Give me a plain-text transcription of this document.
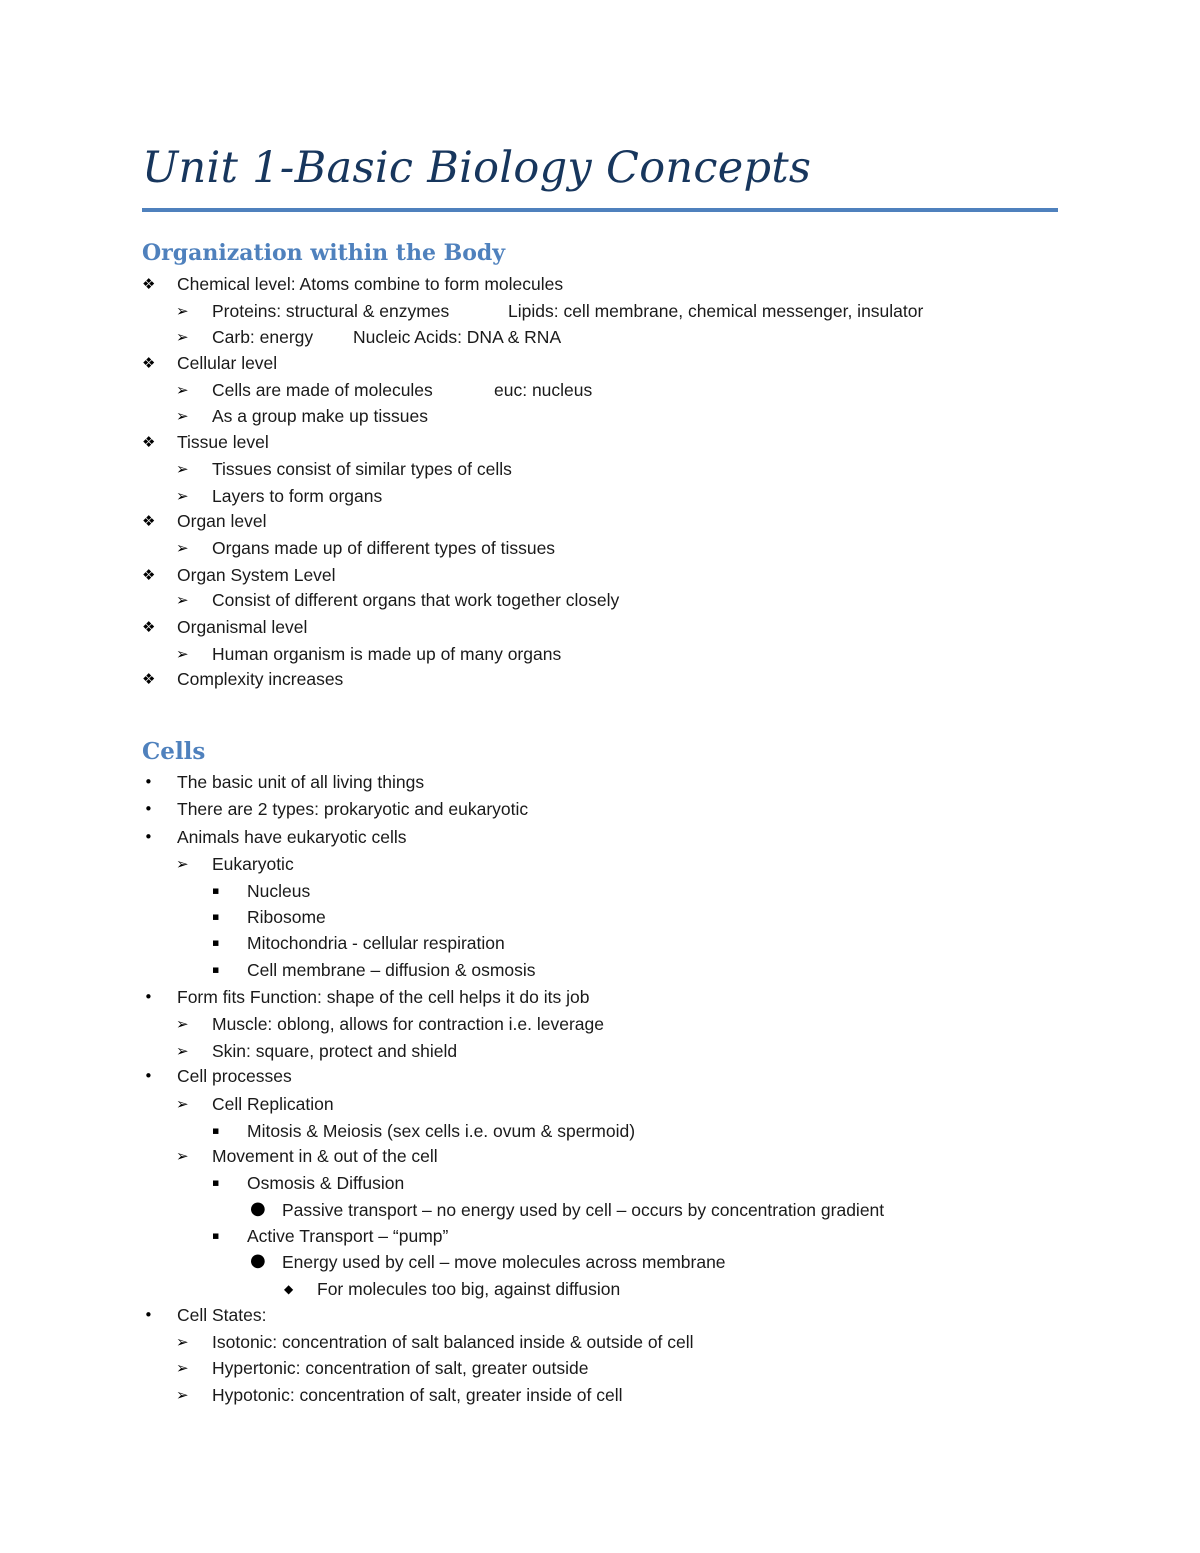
Unit 1-Basic Biology Concepts
Organization within the Body
❖ Chemical level: Atoms combine to form molecules
➢ Proteins: structural & enzymes	Lipids: cell membrane, chemical messenger, insulator
➢ Carb: energy Nucleic Acids: DNA & RNA
❖ Cellular level
➢ Cells are made of molecules	euc: nucleus
➢ As a group make up tissues
❖ Tissue level
➢ Tissues consist of similar types of cells
➢ Layers to form organs
❖ Organ level
➢ Organs made up of different types of tissues
❖ Organ System Level
➢ Consist of different organs that work together closely
❖ Organismal level
➢ Human organism is made up of many organs
❖ Complexity increases
Cells
• The basic unit of all living things
• There are 2 types: prokaryotic and eukaryotic
• Animals have eukaryotic cells
➢ Eukaryotic
▪ Nucleus
▪ Ribosome
▪ Mitochondria - cellular respiration
▪ Cell membrane – diffusion & osmosis
• Form fits Function: shape of the cell helps it do its job
➢ Muscle: oblong, allows for contraction i.e. leverage
➢ Skin: square, protect and shield
• Cell processes
➢ Cell Replication
▪ Mitosis & Meiosis (sex cells i.e. ovum & spermoid)
➢ Movement in & out of the cell
▪ Osmosis & Diffusion
● Passive transport – no energy used by cell – occurs by concentration gradient
▪ Active Transport – “pump”
● Energy used by cell – move molecules across membrane
◆ For molecules too big, against diffusion
• Cell States:
➢ Isotonic: concentration of salt balanced inside & outside of cell
➢ Hypertonic: concentration of salt, greater outside
➢ Hypotonic: concentration of salt, greater inside of cell
